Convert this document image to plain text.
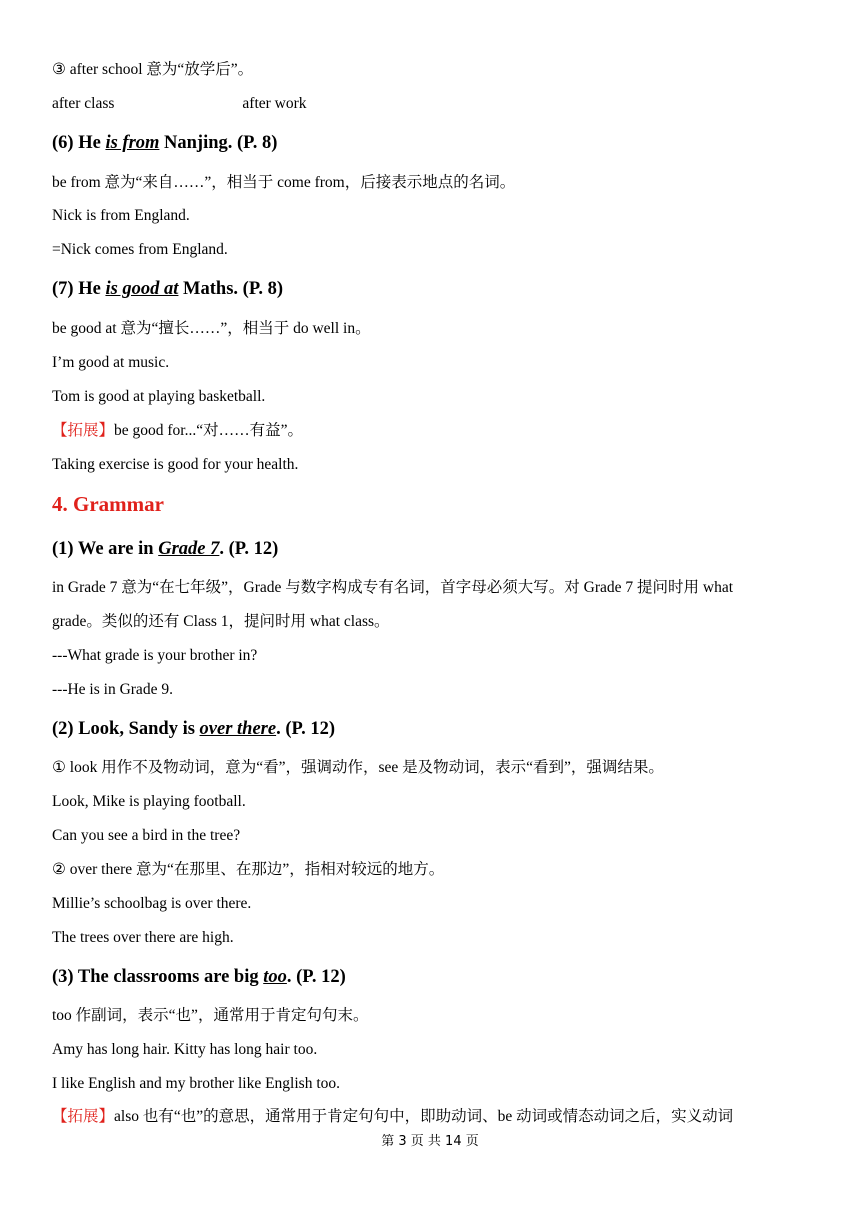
③ after school 意为“放学后”。
after class	after work
(6) He is from Nanjing. (P. 8)
be from 意为“来自……”，相当于 come from，后接表示地点的名词。
Nick is from England.
=Nick comes from England.
(7) He is good at Maths. (P. 8)
be good at 意为“擅长……”，相当于 do well in。
I’m good at music.
Tom is good at playing basketball.
【拓展】be good for...“对……有益”。
Taking exercise is good for your health.
4. Grammar
(1) We are in Grade 7. (P. 12)
in Grade 7 意为“在七年级”，Grade 与数字构成专有名词，首字母必须大写。对 Grade 7 提问时用 what
grade。类似的还有 Class 1，提问时用 what class。
---What grade is your brother in?
---He is in Grade 9.
(2) Look, Sandy is over there. (P. 12)
① look 用作不及物动词，意为“看”，强调动作，see 是及物动词，表示“看到”，强调结果。
Look, Mike is playing football.
Can you see a bird in the tree?
② over there 意为“在那里、在那边”，指相对较远的地方。
Millie’s schoolbag is over there.
The trees over there are high.
(3) The classrooms are big too. (P. 12)
too 作副词，表示“也”，通常用于肯定句句末。
Amy has long hair. Kitty has long hair too.
I like English and my brother like English too.
【拓展】also 也有“也”的意思，通常用于肯定句句中，即助动词、be 动词或情态动词之后，实义动词
第 3 页 共 14 页
